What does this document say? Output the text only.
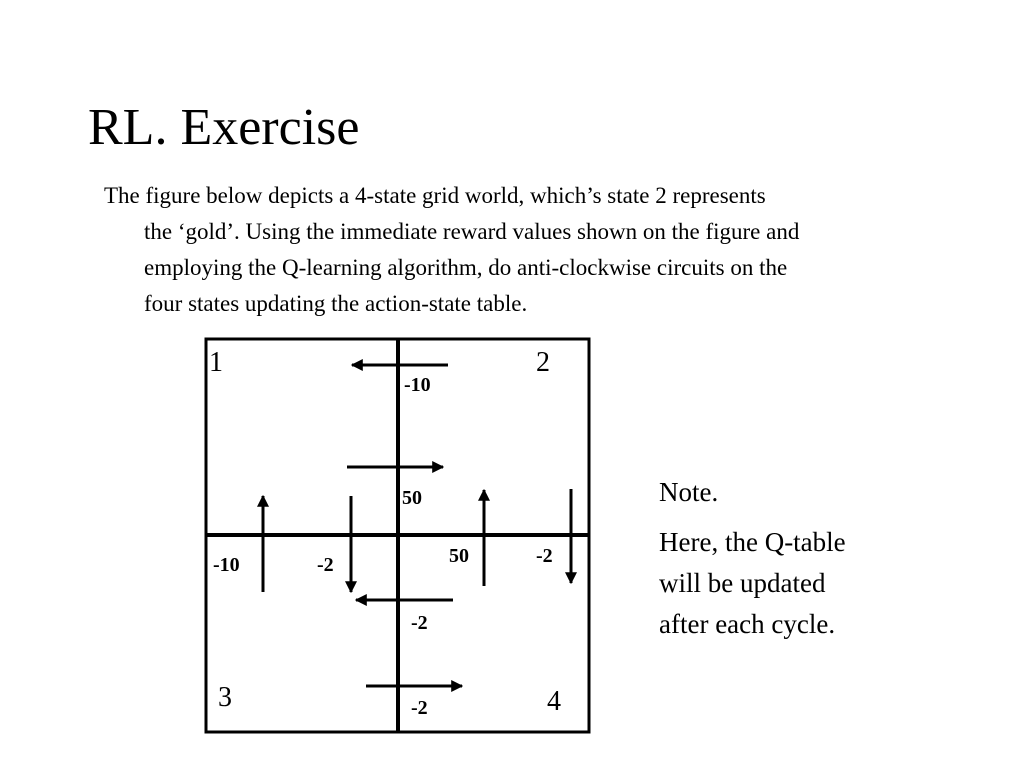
RL. Exercise
The figure below depicts a 4-state grid world, which’s state 2 represents
the ‘gold’. Using the immediate reward values shown on the figure and
employing the Q-learning algorithm, do anti-clockwise circuits on the
four states updating the action-state table.
1	2
3	4
-10
50
-10	-2	50	-2
-2
-2
Note.
Here, the Q-table
will be updated
after each cycle.
